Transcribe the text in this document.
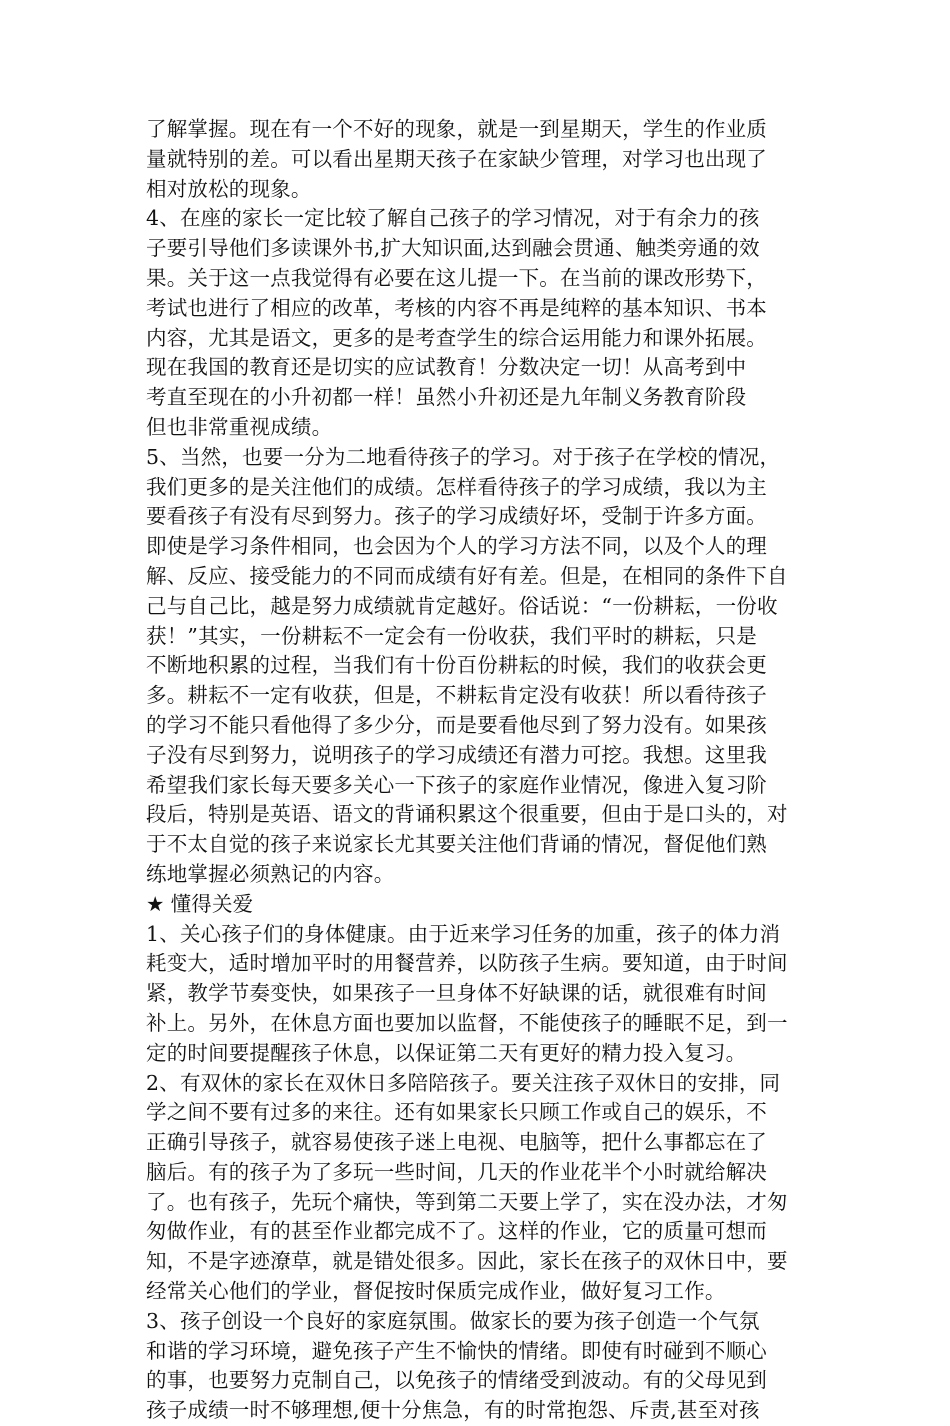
了解掌握。现在有一个不好的现象，就是一到星期天，学生的作业质
量就特别的差。可以看出星期天孩子在家缺少管理，对学习也出现了
相对放松的现象。
4、在座的家长一定比较了解自己孩子的学习情况，对于有余力的孩
子要引导他们多读课外书,扩大知识面,达到融会贯通、触类旁通的效
果。关于这一点我觉得有必要在这儿提一下。在当前的课改形势下，
考试也进行了相应的改革，考核的内容不再是纯粹的基本知识、书本
内容，尤其是语文，更多的是考查学生的综合运用能力和课外拓展。
现在我国的教育还是切实的应试教育！分数决定一切！从高考到中
考直至现在的小升初都一样！虽然小升初还是九年制义务教育阶段
但也非常重视成绩。
5、当然，也要一分为二地看待孩子的学习。对于孩子在学校的情况，
我们更多的是关注他们的成绩。怎样看待孩子的学习成绩，我以为主
要看孩子有没有尽到努力。孩子的学习成绩好坏，受制于许多方面。
即使是学习条件相同，也会因为个人的学习方法不同，以及个人的理
解、反应、接受能力的不同而成绩有好有差。但是，在相同的条件下自
己与自己比，越是努力成绩就肯定越好。俗话说：“一份耕耘，一份收
获！”其实，一份耕耘不一定会有一份收获，我们平时的耕耘，只是
不断地积累的过程，当我们有十份百份耕耘的时候，我们的收获会更
多。耕耘不一定有收获，但是，不耕耘肯定没有收获！所以看待孩子
的学习不能只看他得了多少分，而是要看他尽到了努力没有。如果孩
子没有尽到努力，说明孩子的学习成绩还有潜力可挖。我想。这里我
希望我们家长每天要多关心一下孩子的家庭作业情况，像进入复习阶
段后，特别是英语、语文的背诵积累这个很重要，但由于是口头的，对
于不太自觉的孩子来说家长尤其要关注他们背诵的情况，督促他们熟
练地掌握必须熟记的内容。
★ 懂得关爱
1、关心孩子们的身体健康。由于近来学习任务的加重，孩子的体力消
耗变大，适时增加平时的用餐营养，以防孩子生病。要知道，由于时间
紧，教学节奏变快，如果孩子一旦身体不好缺课的话，就很难有时间
补上。另外，在休息方面也要加以监督，不能使孩子的睡眠不足，到一
定的时间要提醒孩子休息，以保证第二天有更好的精力投入复习。
2、有双休的家长在双休日多陪陪孩子。要关注孩子双休日的安排，同
学之间不要有过多的来往。还有如果家长只顾工作或自己的娱乐，不
正确引导孩子，就容易使孩子迷上电视、电脑等，把什么事都忘在了
脑后。有的孩子为了多玩一些时间，几天的作业花半个小时就给解决
了。也有孩子，先玩个痛快，等到第二天要上学了，实在没办法，才匆
匆做作业，有的甚至作业都完成不了。这样的作业，它的质量可想而
知，不是字迹潦草，就是错处很多。因此，家长在孩子的双休日中，要
经常关心他们的学业，督促按时保质完成作业，做好复习工作。
3、孩子创设一个良好的家庭氛围。做家长的要为孩子创造一个气氛
和谐的学习环境，避免孩子产生不愉快的情绪。即使有时碰到不顺心
的事，也要努力克制自己，以免孩子的情绪受到波动。有的父母见到
孩子成绩一时不够理想,便十分焦急，有的时常抱怨、斥责,甚至对孩
